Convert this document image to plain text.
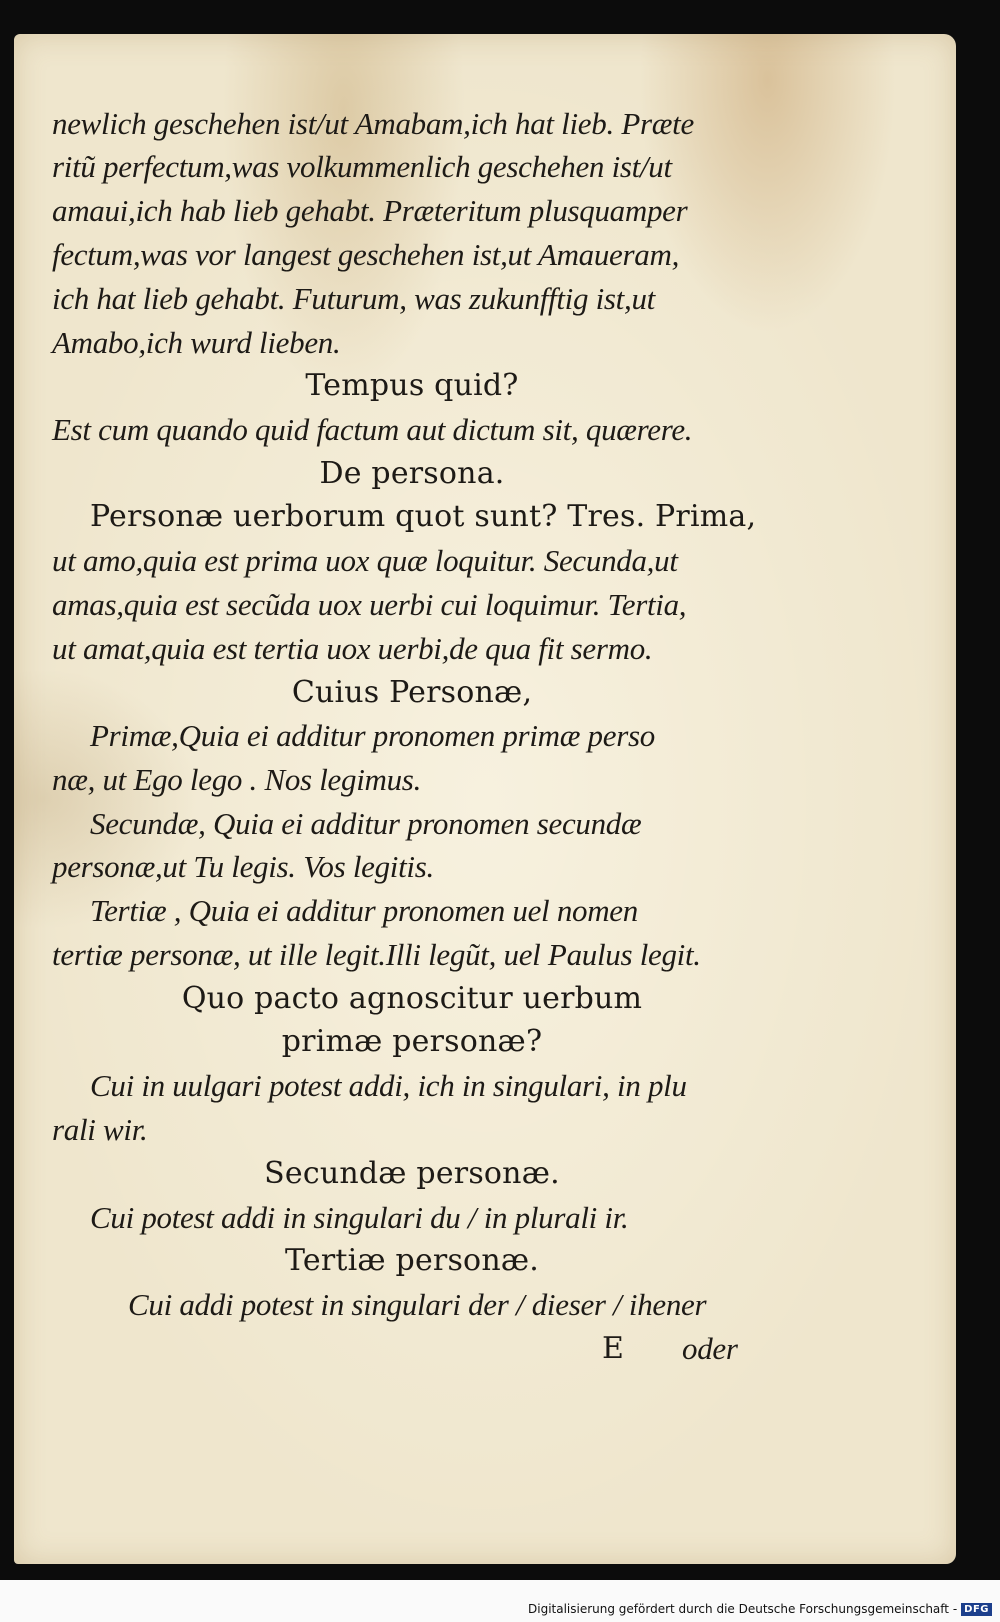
newlich geschehen ist/ut Amabam,ich hat lieb. Præte
ritũ perfectum,was volkummenlich geschehen ist/ut
amaui,ich hab lieb gehabt. Præteritum plusquamper
fectum,was vor langest geschehen ist,ut Amaueram,
ich hat lieb gehabt. Futurum, was zukunfftig ist,ut
Amabo,ich wurd lieben.
Tempus quid?
Est cum quando quid factum aut dictum sit, quærere.
De persona.
Personæ uerborum quot sunt? Tres. Prima,
ut amo,quia est prima uox quæ loquitur. Secunda,ut
amas,quia est secũda uox uerbi cui loquimur. Tertia,
ut amat,quia est tertia uox uerbi,de qua fit sermo.
Cuius Personæ,
Primæ,Quia ei additur pronomen primæ perso
næ, ut Ego lego . Nos legimus.
Secundæ, Quia ei additur pronomen secundæ
personæ,ut Tu legis. Vos legitis.
Tertiæ , Quia ei additur pronomen uel nomen
tertiæ personæ, ut ille legit.Illi legũt, uel Paulus legit.
Quo pacto agnoscitur uerbum
primæ personæ?
Cui in uulgari potest addi, ich in singulari, in plu
rali wir.
Secundæ personæ.
Cui potest addi in singulari du / in plurali ir.
Tertiæ personæ.
Cui addi potest in singulari der / dieser / ihener
E oder
Digitalisierung gefördert durch die Deutsche Forschungsgemeinschaft - DFG
